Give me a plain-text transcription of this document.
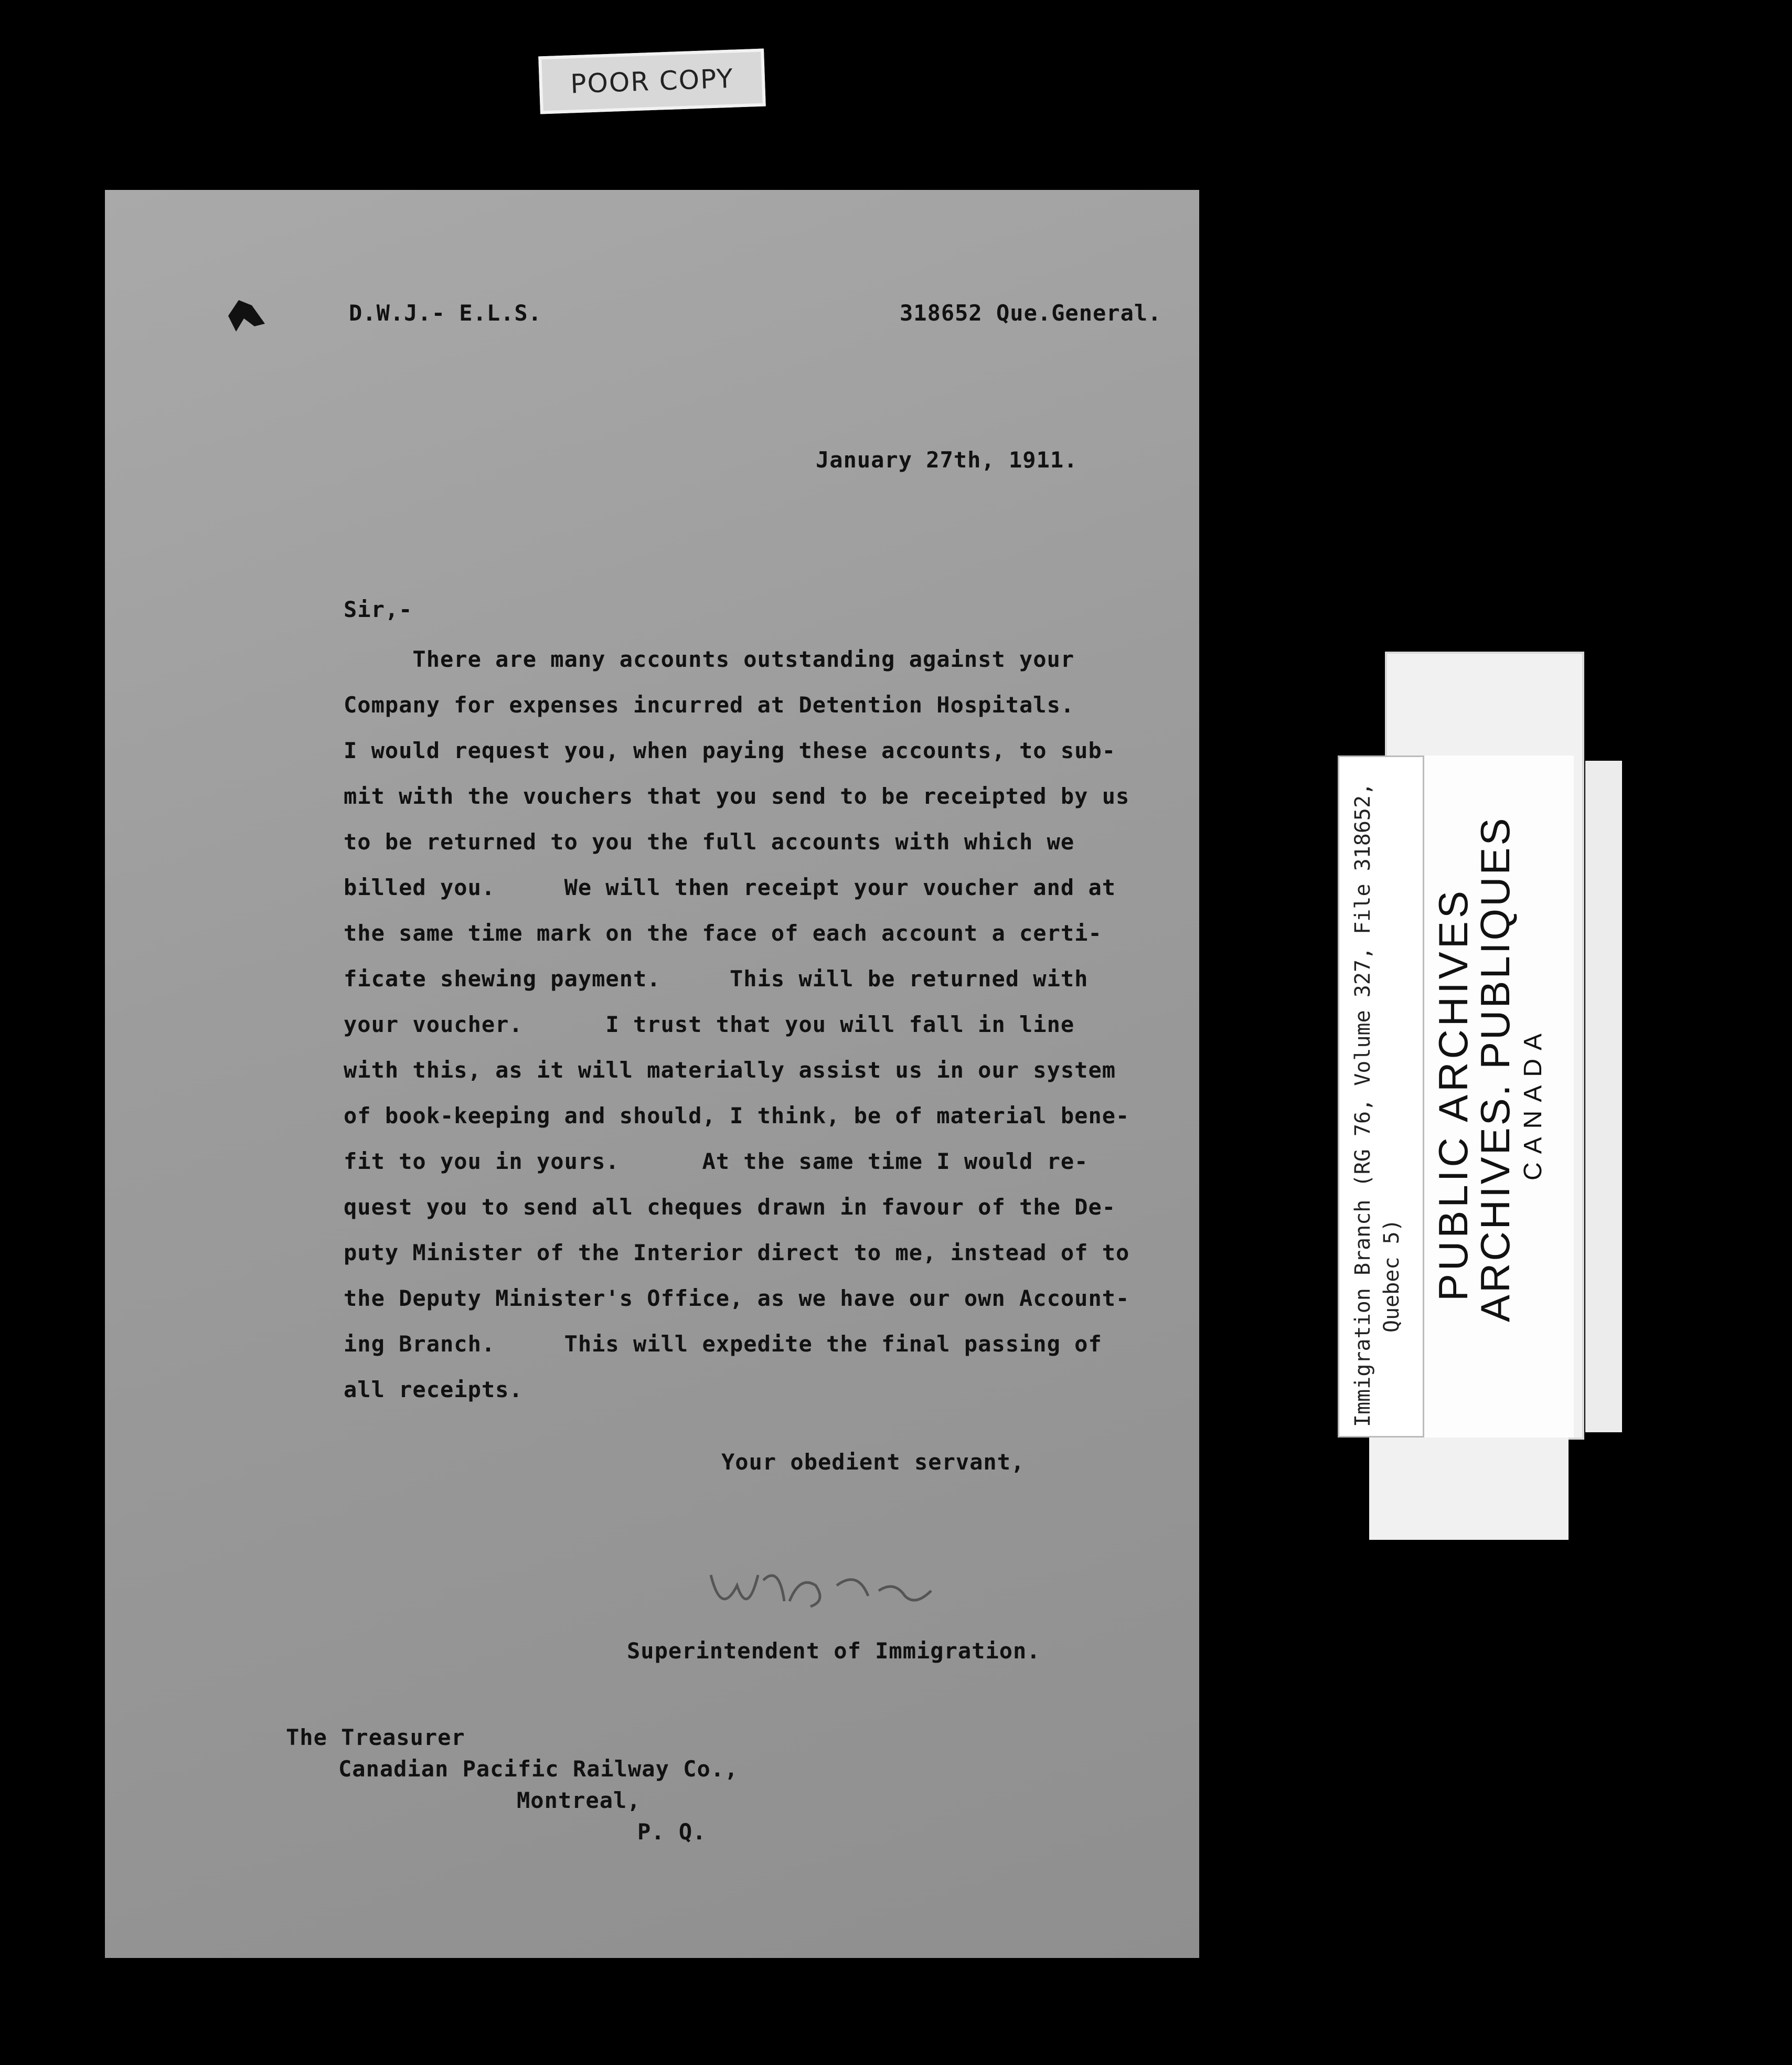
POOR COPY
D.W.J.- E.L.S.	318652 Que.General.
January 27th, 1911.
Sir,-
There are many accounts outstanding against your
Company for expenses incurred at Detention Hospitals.
I would request you, when paying these accounts, to sub-
mit with the vouchers that you send to be receipted by us
to be returned to you the full accounts with which we
billed you.     We will then receipt your voucher and at
the same time mark on the face of each account a certi-
ficate shewing payment.     This will be returned with
your voucher.      I trust that you will fall in line
with this, as it will materially assist us in our system
of book-keeping and should, I think, be of material bene-
fit to you in yours.      At the same time I would re-
quest you to send all cheques drawn in favour of the De-
puty Minister of the Interior direct to me, instead of to
the Deputy Minister's Office, as we have our own Account-
ing Branch.     This will expedite the final passing of
all receipts.
Your obedient servant,
Superintendent of Immigration.
The Treasurer
Canadian Pacific Railway Co.,
Montreal,
P. Q.
Immigration Branch (RG 76, Volume 327, File 318652, Quebec 5) PUBLIC ARCHIVES
ARCHIVES. PUBLIQUES CANADA
